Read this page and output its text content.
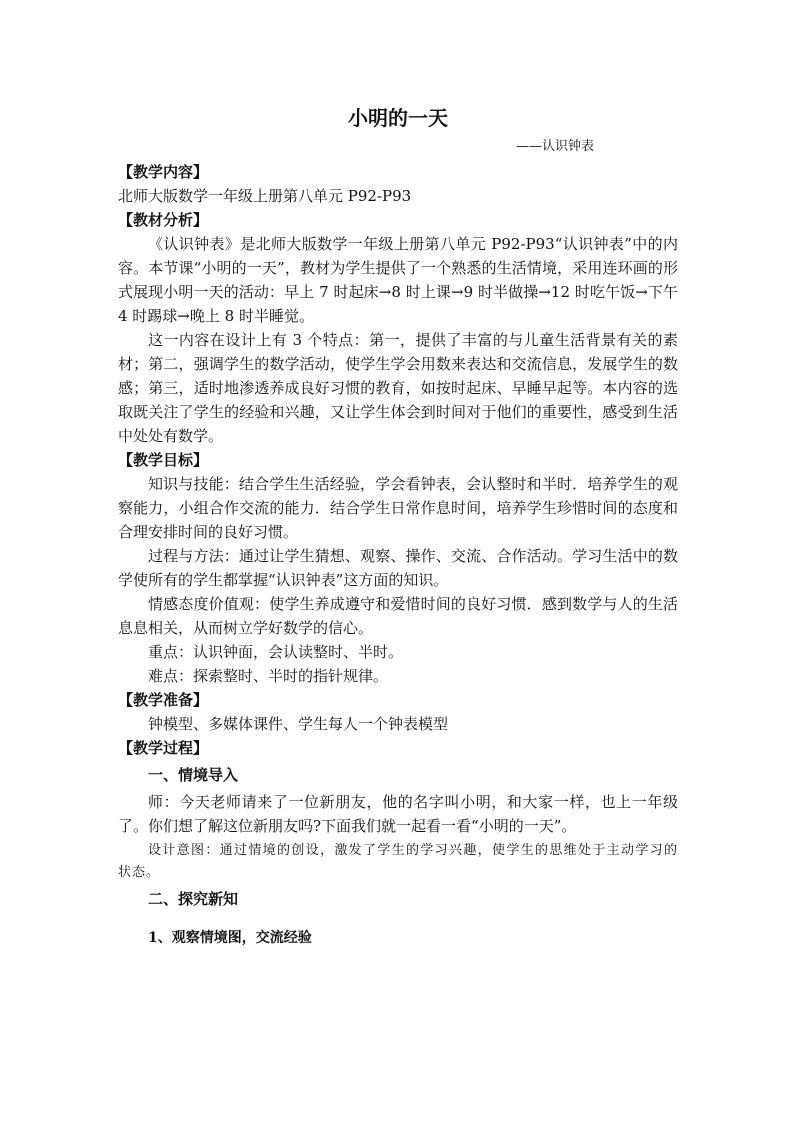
小明的一天

——认识钟表

【教学内容】

北师大版数学一年级上册第八单元 P92-P93

【教材分析】

《认识钟表》是北师大版数学一年级上册第八单元 P92-P93“认识钟表”中的内容。本节课“小明的一天”，教材为学生提供了一个熟悉的生活情境，采用连环画的形式展现小明一天的活动：早上 7 时起床→8 时上课→9 时半做操→12 时吃午饭→下午 4 时踢球→晚上 8 时半睡觉。

这一内容在设计上有 3 个特点：第一，提供了丰富的与儿童生活背景有关的素材；第二，强调学生的数学活动，使学生学会用数来表达和交流信息，发展学生的数感；第三，适时地渗透养成良好习惯的教育，如按时起床、早睡早起等。本内容的选取既关注了学生的经验和兴趣，又让学生体会到时间对于他们的重要性，感受到生活中处处有数学。

【教学目标】

知识与技能：结合学生生活经验，学会看钟表，会认整时和半时．培养学生的观察能力，小组合作交流的能力．结合学生日常作息时间，培养学生珍惜时间的态度和合理安排时间的良好习惯。

过程与方法：通过让学生猜想、观察、操作、交流、合作活动。学习生活中的数学使所有的学生都掌握“认识钟表”这方面的知识。

情感态度价值观：使学生养成遵守和爱惜时间的良好习惯．感到数学与人的生活息息相关，从而树立学好数学的信心。

重点：认识钟面，会认读整时、半时。

难点：探索整时、半时的指针规律。

【教学准备】

钟模型、多媒体课件、学生每人一个钟表模型

【教学过程】

一、情境导入

师：今天老师请来了一位新朋友，他的名字叫小明，和大家一样，也上一年级了。你们想了解这位新朋友吗?下面我们就一起看一看“小明的一天”。

设计意图：通过情境的创设，激发了学生的学习兴趣，使学生的思维处于主动学习的状态。

二、探究新知

1、观察情境图，交流经验
